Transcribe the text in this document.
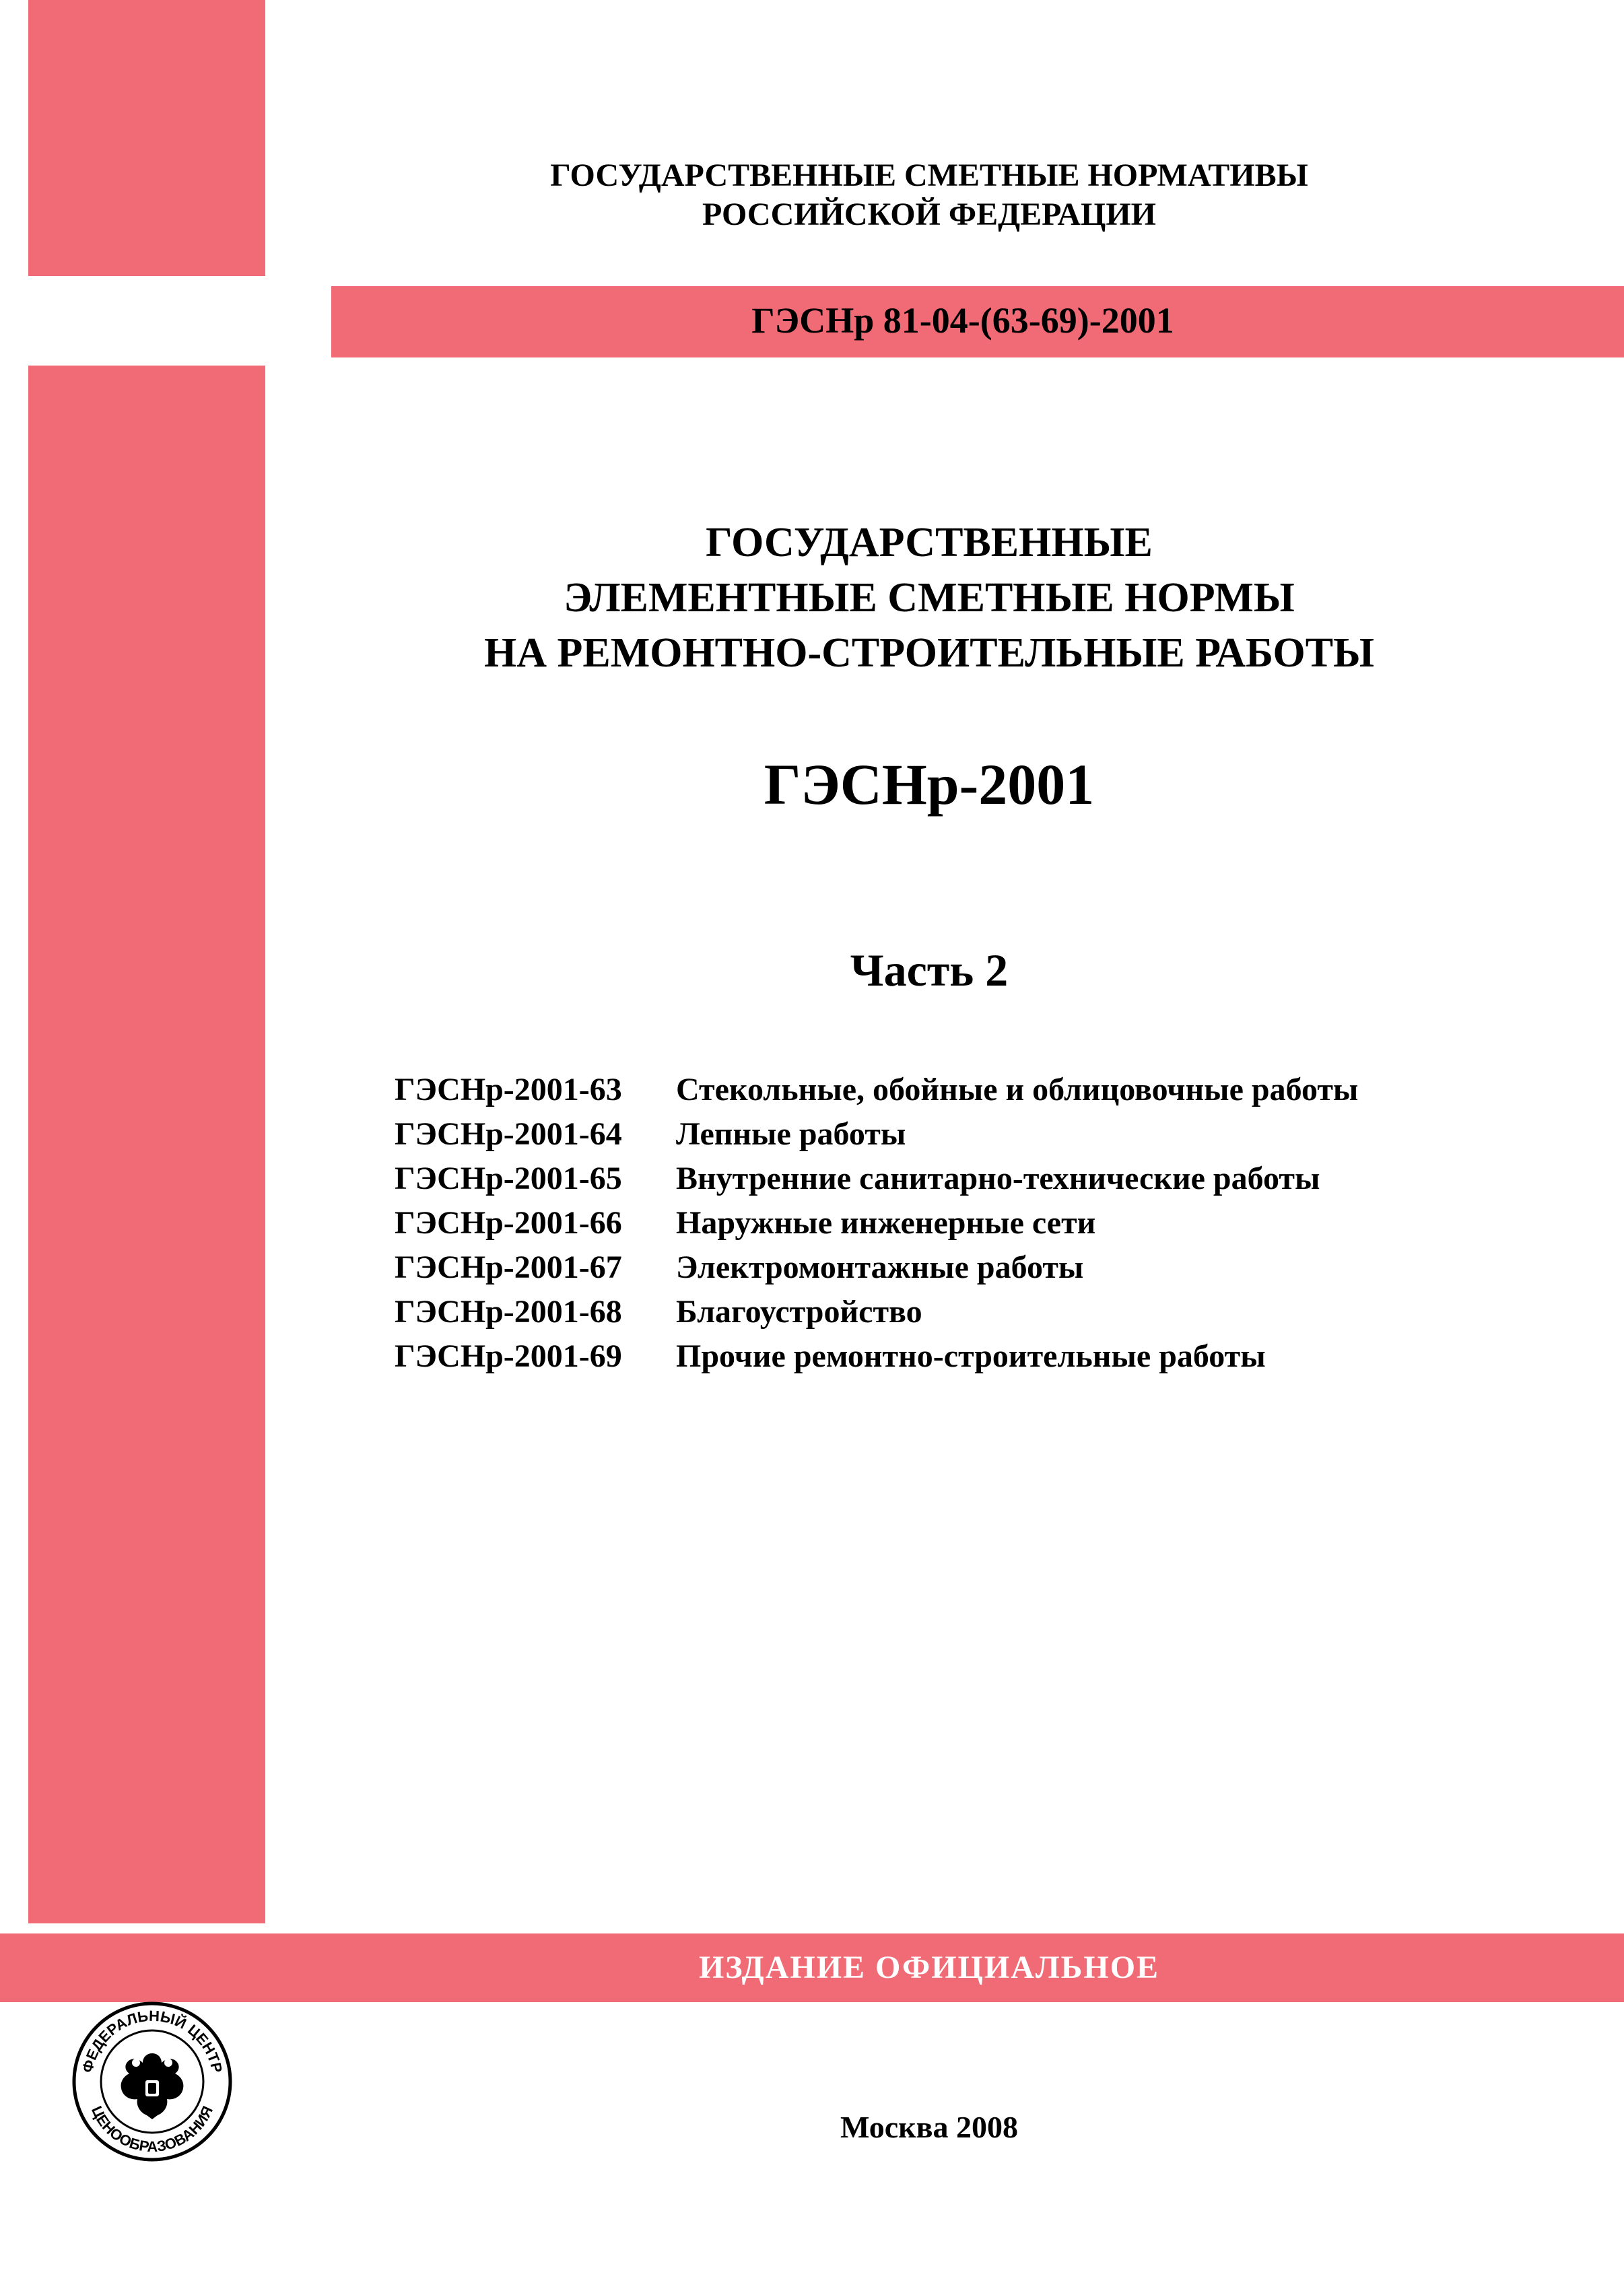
ГОСУДАРСТВЕННЫЕ СМЕТНЫЕ НОРМАТИВЫ
РОССИЙСКОЙ ФЕДЕРАЦИИ
ГЭСНр 81-04-(63-69)-2001
ГОСУДАРСТВЕННЫЕ
ЭЛЕМЕНТНЫЕ СМЕТНЫЕ НОРМЫ
НА РЕМОНТНО-СТРОИТЕЛЬНЫЕ РАБОТЫ
ГЭСНр-2001
Часть 2
ГЭСНр-2001-63	Стекольные, обойные и облицовочные работы
ГЭСНр-2001-64	Лепные работы
ГЭСНр-2001-65	Внутренние санитарно-технические работы
ГЭСНр-2001-66	Наружные инженерные сети
ГЭСНр-2001-67	Электромонтажные работы
ГЭСНр-2001-68	Благоустройство
ГЭСНр-2001-69	Прочие ремонтно-строительные работы
ИЗДАНИЕ ОФИЦИАЛЬНОЕ
ФЕДЕРАЛЬНЫЙ ЦЕНТР
ЦЕНООБРАЗОВАНИЯ	Москва 2008
